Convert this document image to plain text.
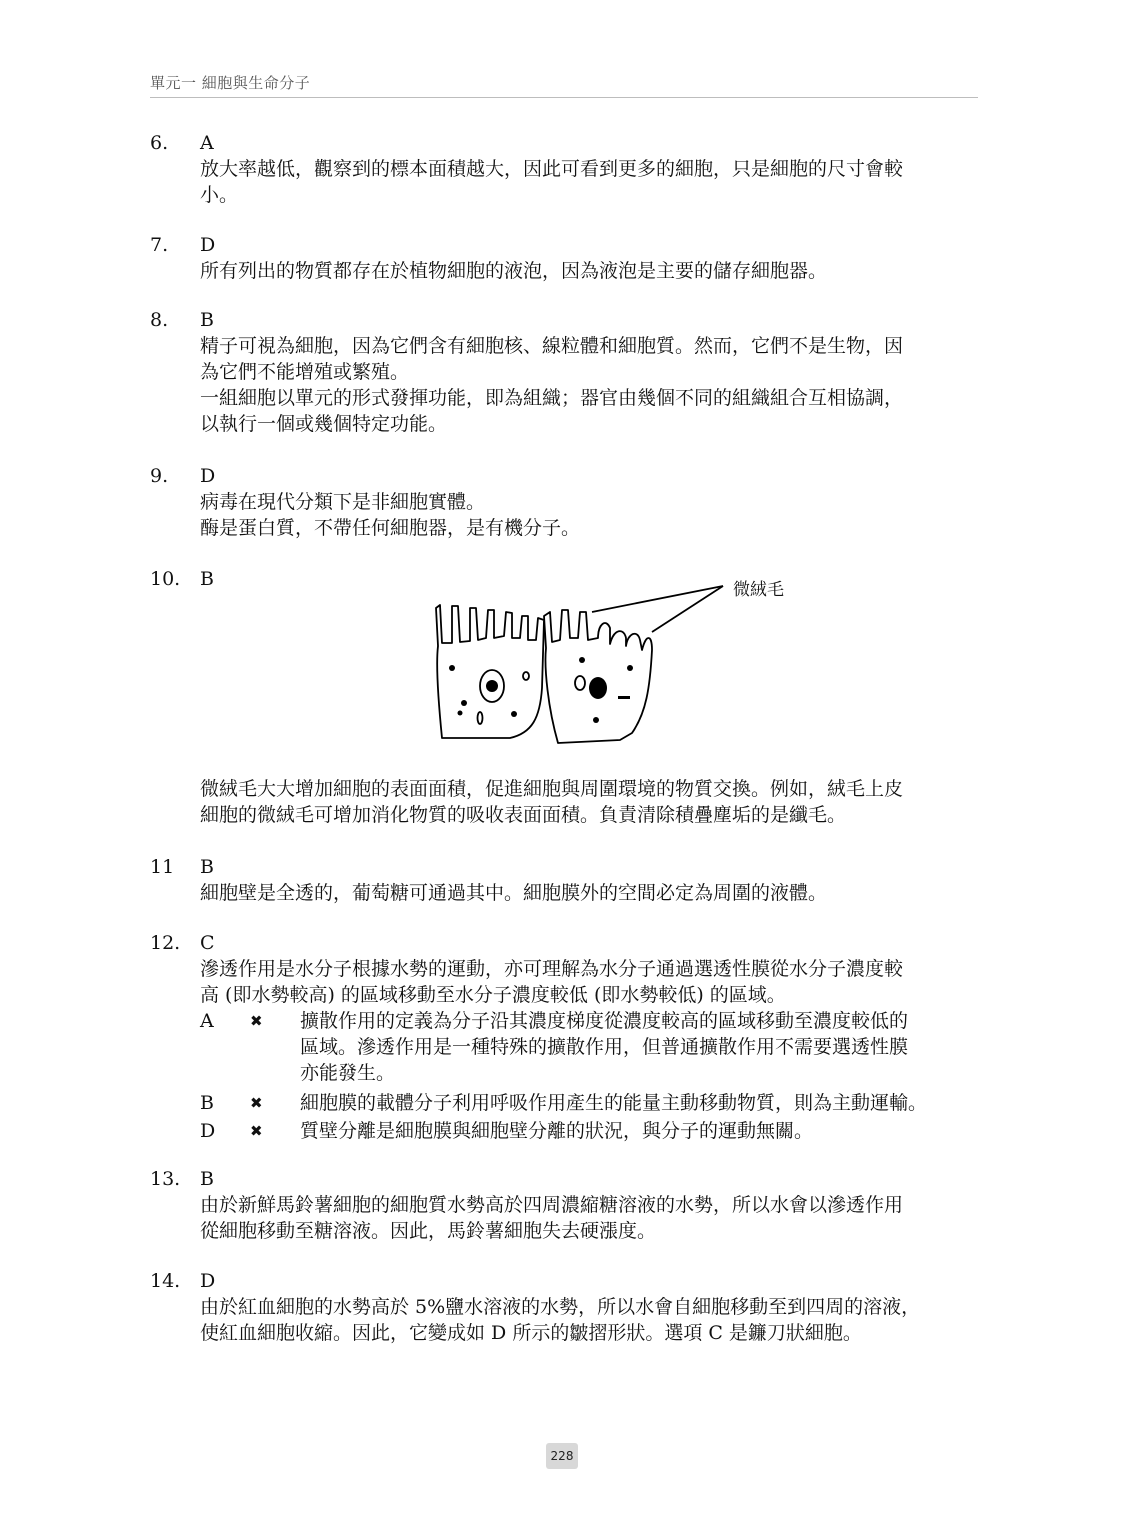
單元一 細胞與生命分子
6.	A

放大率越低，觀察到的標本面積越大，因此可看到更多的細胞，只是細胞的尺寸會較

小。

7.	D

所有列出的物質都存在於植物細胞的液泡，因為液泡是主要的儲存細胞器。

8.	B

精子可視為細胞，因為它們含有細胞核、線粒體和細胞質。然而，它們不是生物，因

為它們不能增殖或繁殖。

一組細胞以單元的形式發揮功能，即為組織；器官由幾個不同的組織組合互相協調，

以執行一個或幾個特定功能。

9.	D

病毒在現代分類下是非細胞實體。

酶是蛋白質，不帶任何細胞器，是有機分子。

10.	B	微絨毛

微絨毛大大增加細胞的表面面積，促進細胞與周圍環境的物質交換。例如，絨毛上皮

細胞的微絨毛可增加消化物質的吸收表面面積。負責清除積疊塵垢的是纖毛。

11	B

細胞壁是全透的，葡萄糖可通過其中。細胞膜外的空間必定為周圍的液體。

12.	C

滲透作用是水分子根據水勢的運動，亦可理解為水分子通過選透性膜從水分子濃度較

高 (即水勢較高) 的區域移動至水分子濃度較低 (即水勢較低) 的區域。

A ✖ 擴散作用的定義為分子沿其濃度梯度從濃度較高的區域移動至濃度較低的
區域。滲透作用是一種特殊的擴散作用，但普通擴散作用不需要選透性膜
亦能發生。
B ✖ 細胞膜的載體分子利用呼吸作用產生的能量主動移動物質，則為主動運輸。
D ✖ 質壁分離是細胞膜與細胞壁分離的狀況，與分子的運動無關。
13.	B

由於新鮮馬鈴薯細胞的細胞質水勢高於四周濃縮糖溶液的水勢，所以水會以滲透作用

從細胞移動至糖溶液。因此，馬鈴薯細胞失去硬漲度。

14.	D

由於紅血細胞的水勢高於 5%鹽水溶液的水勢，所以水會自細胞移動至到四周的溶液，

使紅血細胞收縮。因此，它變成如 D 所示的皺摺形狀。選項 C 是鐮刀狀細胞。

228
